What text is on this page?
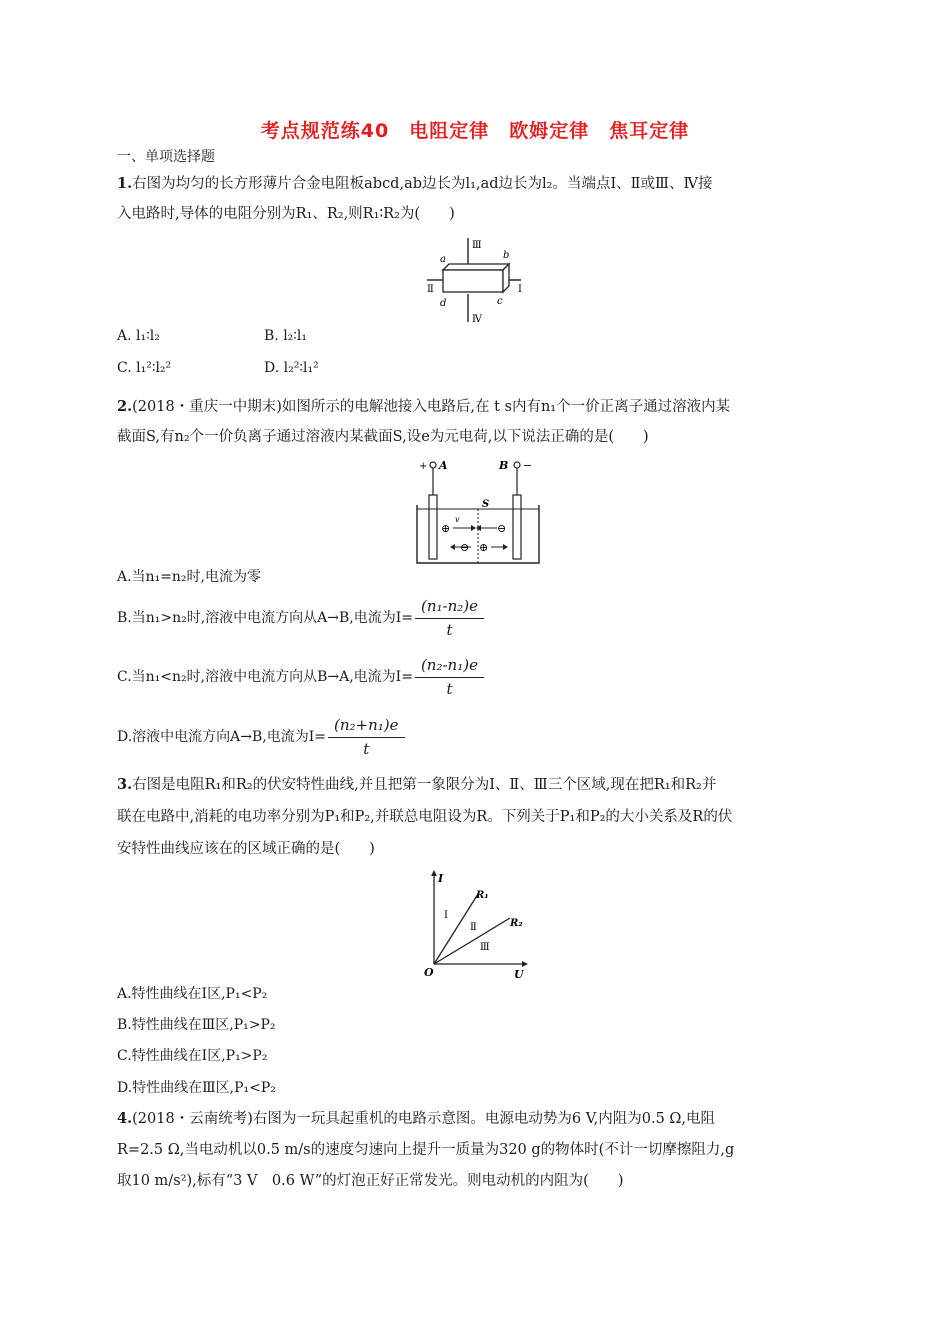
考点规范练40　电阻定律　欧姆定律　焦耳定律
一、单项选择题
1.右图为均匀的长方形薄片合金电阻板abcd,ab边长为l₁,ad边长为l₂。当端点Ⅰ、Ⅱ或Ⅲ、Ⅳ接
入电路时,导体的电阻分别为R₁、R₂,则R₁∶R₂为(　　)
Ⅲ
a	b
Ⅱ	Ⅰ
d	c
Ⅳ
A. l₁∶l₂	B. l₂∶l₁
C. l₁²∶l₂²	D. l₂²∶l₁²
2.(2018・重庆一中期末)如图所示的电解池接入电路后,在 t s内有n₁个一价正离子通过溶液内某
截面S,有n₂个一价负离子通过溶液内某截面S,设e为元电荷,以下说法正确的是(　　)
+ A	B −
S
v
⊕	⊖
⊖ ⊕
A.当n₁=n₂时,电流为零
B.当n₁>n₂时,溶液中电流方向从A→B,电流为$I= \frac{\text{(n₁-n₂)e}}{t}$
C.当n₁<n₂时,溶液中电流方向从B→A,电流为$I= \frac{\text{(n₂-n₁)e}}{t}$
D.溶液中电流方向A→B,电流为$I= \frac{\text{(n₂+n₁)e}}{t}$
3.右图是电阻R₁和R₂的伏安特性曲线,并且把第一象限分为Ⅰ、Ⅱ、Ⅲ三个区域,现在把R₁和R₂并
联在电路中,消耗的电功率分别为P₁和P₂,并联总电阻设为R。下列关于P₁和P₂的大小关系及R的伏
安特性曲线应该在的区域正确的是(　　)
I
R₁
Ⅰ
Ⅱ	R₂
Ⅲ
O	U
A.特性曲线在Ⅰ区,P₁<P₂
B.特性曲线在Ⅲ区,P₁>P₂
C.特性曲线在Ⅰ区,P₁>P₂
D.特性曲线在Ⅲ区,P₁<P₂
4.(2018・云南统考)右图为一玩具起重机的电路示意图。电源电动势为6 V,内阻为0.5 Ω,电阻
R=2.5 Ω,当电动机以0.5 m/s的速度匀速向上提升一质量为320 g的物体时(不计一切摩擦阻力,g
取10 m/s²),标有“3 V　0.6 W”的灯泡正好正常发光。则电动机的内阻为(　　)
